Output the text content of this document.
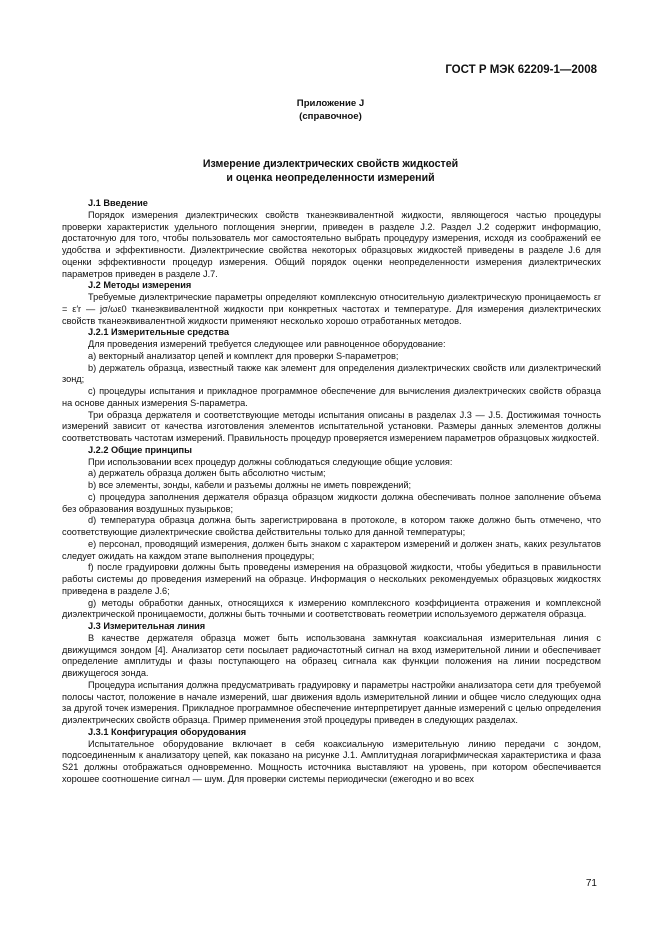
ГОСТ Р МЭК 62209-1—2008
Приложение J
(справочное)
Измерение диэлектрических свойств жидкостей
и оценка неопределенности измерений

J.1 Введение

Порядок измерения диэлектрических свойств тканеэквивалентной жидкости, являющегося частью процедуры проверки характеристик удельного поглощения энергии, приведен в разделе J.2. Раздел J.2 содержит информацию, достаточную для того, чтобы пользователь мог самостоятельно выбрать процедуру измерения, исходя из соображений ее удобства и эффективности. Диэлектрические свойства некоторых образцовых жидкостей приведены в разделе J.6 для оценки эффективности процедур измерения. Общий порядок оценки неопределенности измерения диэлектрических параметров приведен в разделе J.7.

J.2 Методы измерения

Требуемые диэлектрические параметры определяют комплексную относительную диэлектрическую проницаемость εr = ε′r — jσ/ωε0 тканеэквивалентной жидкости при конкретных частотах и температуре. Для измерения диэлектрических свойств тканеэквивалентной жидкости применяют несколько хорошо отработанных методов.

J.2.1 Измерительные средства

Для проведения измерений требуется следующее или равноценное оборудование:

a) векторный анализатор цепей и комплект для проверки S-параметров;

b) держатель образца, известный также как элемент для определения диэлектрических свойств или диэлектрический зонд;

c) процедуры испытания и прикладное программное обеспечение для вычисления диэлектрических свойств образца на основе данных измерения S-параметра.

Три образца держателя и соответствующие методы испытания описаны в разделах J.3 — J.5. Достижимая точность измерений зависит от качества изготовления элементов испытательной установки. Размеры данных элементов должны соответствовать частотам измерений. Правильность процедур проверяется измерением параметров образцовых жидкостей.

J.2.2 Общие принципы

При использовании всех процедур должны соблюдаться следующие общие условия:

a) держатель образца должен быть абсолютно чистым;

b) все элементы, зонды, кабели и разъемы должны не иметь повреждений;

c) процедура заполнения держателя образца образцом жидкости должна обеспечивать полное заполнение объема без образования воздушных пузырьков;

d) температура образца должна быть зарегистрирована в протоколе, в котором также должно быть отмечено, что соответствующие диэлектрические свойства действительны только для данной температуры;

e) персонал, проводящий измерения, должен быть знаком с характером измерений и должен знать, каких результатов следует ожидать на каждом этапе выполнения процедуры;

f) после градуировки должны быть проведены измерения на образцовой жидкости, чтобы убедиться в правильности работы системы до проведения измерений на образце. Информация о нескольких рекомендуемых образцовых жидкостях приведена в разделе J.6;

g) методы обработки данных, относящихся к измерению комплексного коэффициента отражения и комплексной диэлектрической проницаемости, должны быть точными и соответствовать геометрии используемого держателя образца.

J.3 Измерительная линия

В качестве держателя образца может быть использована замкнутая коаксиальная измерительная линия с движущимся зондом [4]. Анализатор сети посылает радиочастотный сигнал на вход измерительной линии и обеспечивает определение амплитуды и фазы поступающего на образец сигнала как функции положения на линии посредством движущегося зонда.

Процедура испытания должна предусматривать градуировку и параметры настройки анализатора сети для требуемой полосы частот, положение в начале измерений, шаг движения вдоль измерительной линии и общее число следующих одна за другой точек измерения. Прикладное программное обеспечение интерпретирует данные измерений с целью определения диэлектрических свойств образца. Пример применения этой процедуры приведен в следующих разделах.

J.3.1 Конфигурация оборудования

Испытательное оборудование включает в себя коаксиальную измерительную линию передачи с зондом, подсоединенным к анализатору цепей, как показано на рисунке J.1. Амплитудная логарифмическая характеристика и фаза S21 должны отображаться одновременно. Мощность источника выставляют на уровень, при котором обеспечивается хорошее соотношение сигнал — шум. Для проверки системы периодически (ежегодно и во всех

71
